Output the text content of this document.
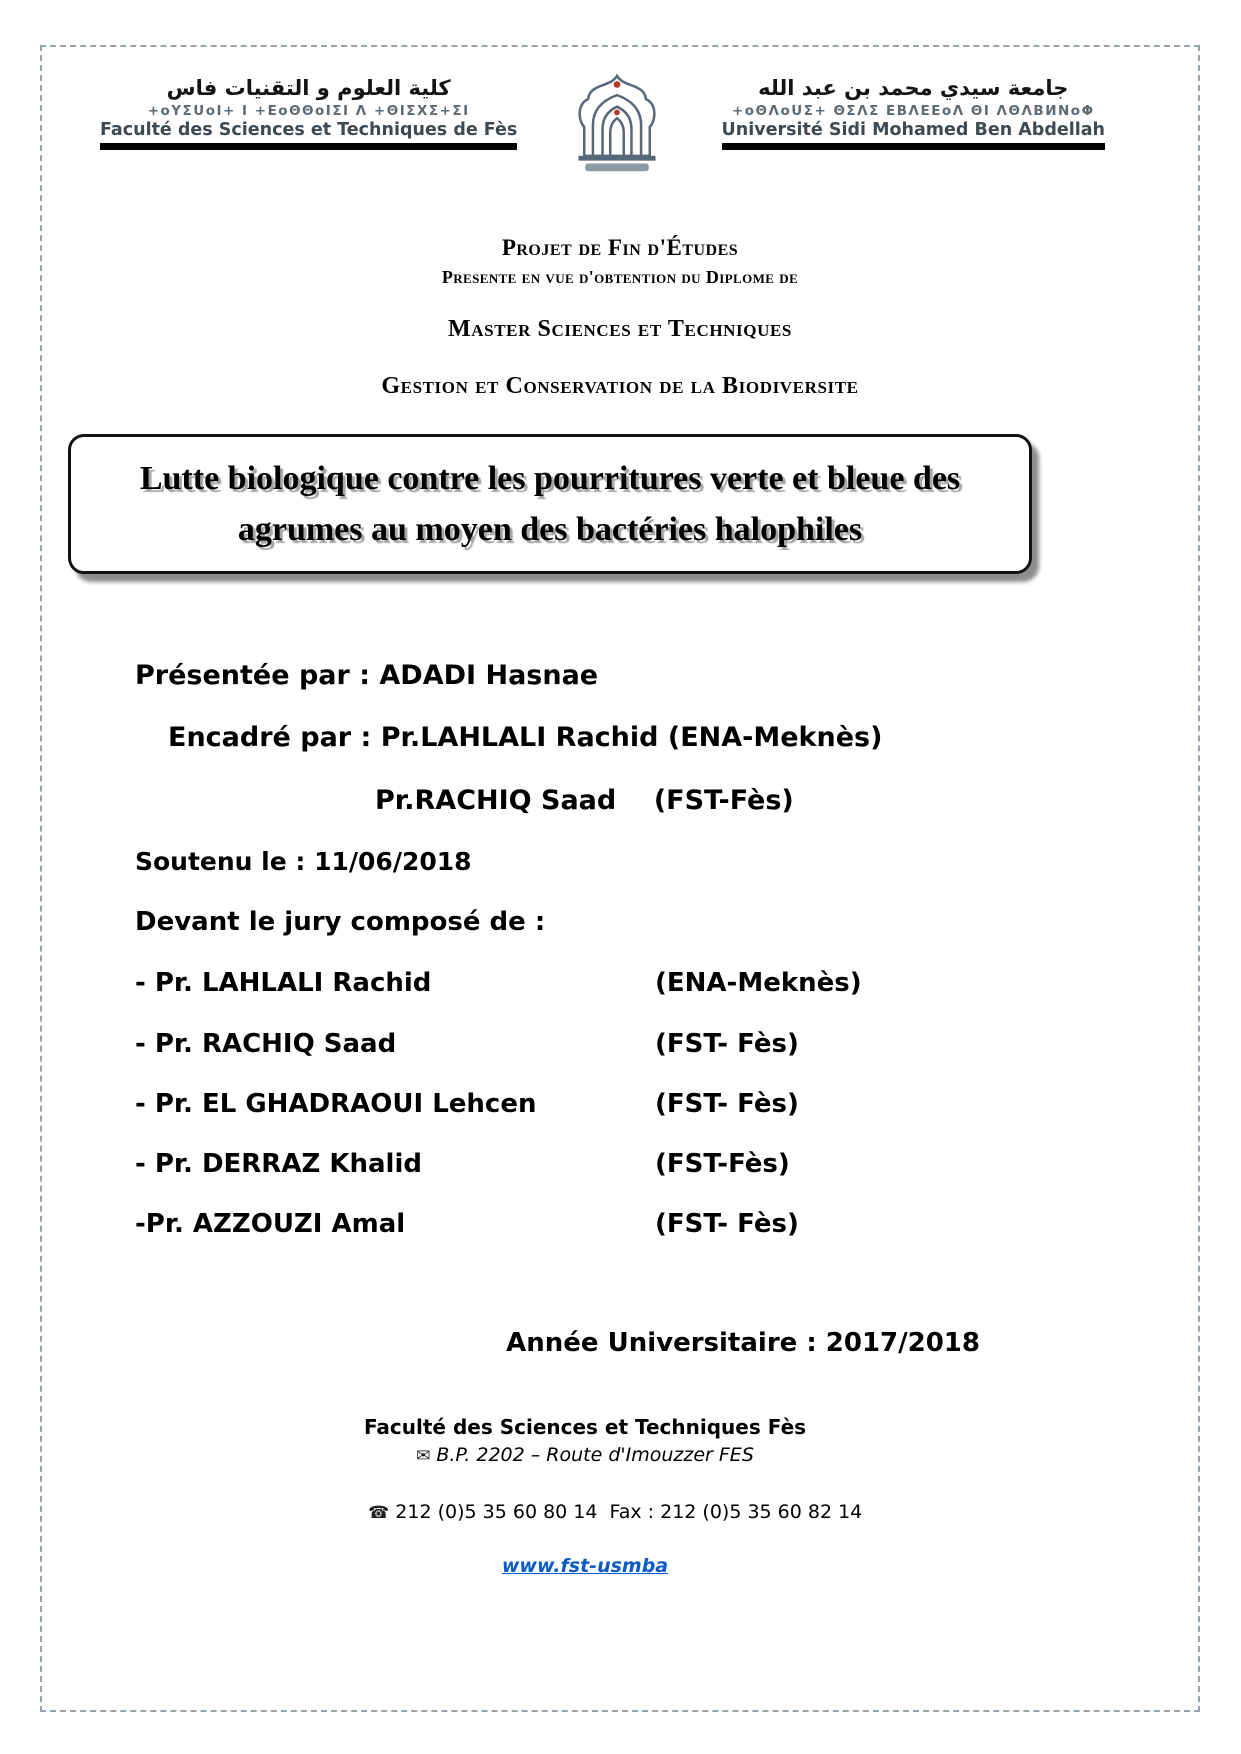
كلية العلوم و التقنيات فاس
+oYΣUoI+ I +ΕoΘΘoIΣI Λ +ΘΙΣΧΣ+ΣΙ
Faculté des Sciences et Techniques de Fès
جامعة سيدي محمد بن عبد الله
+oΘΛoUΣ+ ΘΣΛΣ ΕΒΛΕΕoΛ ΘΙ ΛΘΛΒИΝoΦ
Université Sidi Mohamed Ben Abdellah
Projet de Fin d'Études
Presente en vue d'obtention du Diplome de
Master Sciences et Techniques
Gestion et Conservation de la Biodiversite
Lutte biologique contre les pourritures verte et bleue des
agrumes au moyen des bactéries halophiles
Présentée par : ADADI Hasnae
Encadré par : Pr.LAHLALI Rachid (ENA-Meknès)
Pr.RACHIQ Saad    (FST-Fès)
Soutenu le : 11/06/2018
Devant le jury composé de :
- Pr. LAHLALI Rachid	(ENA-Meknès)
- Pr. RACHIQ Saad	(FST- Fès)
- Pr. EL GHADRAOUI Lehcen	(FST- Fès)
- Pr. DERRAZ Khalid	(FST-Fès)
-Pr. AZZOUZI Amal	(FST- Fès)
Année Universitaire : 2017/2018
Faculté des Sciences et Techniques Fès
✉ B.P. 2202 – Route d'Imouzzer FES

☎ 212 (0)5 35 60 80 14  Fax : 212 (0)5 35 60 82 14

www.fst-usmba
